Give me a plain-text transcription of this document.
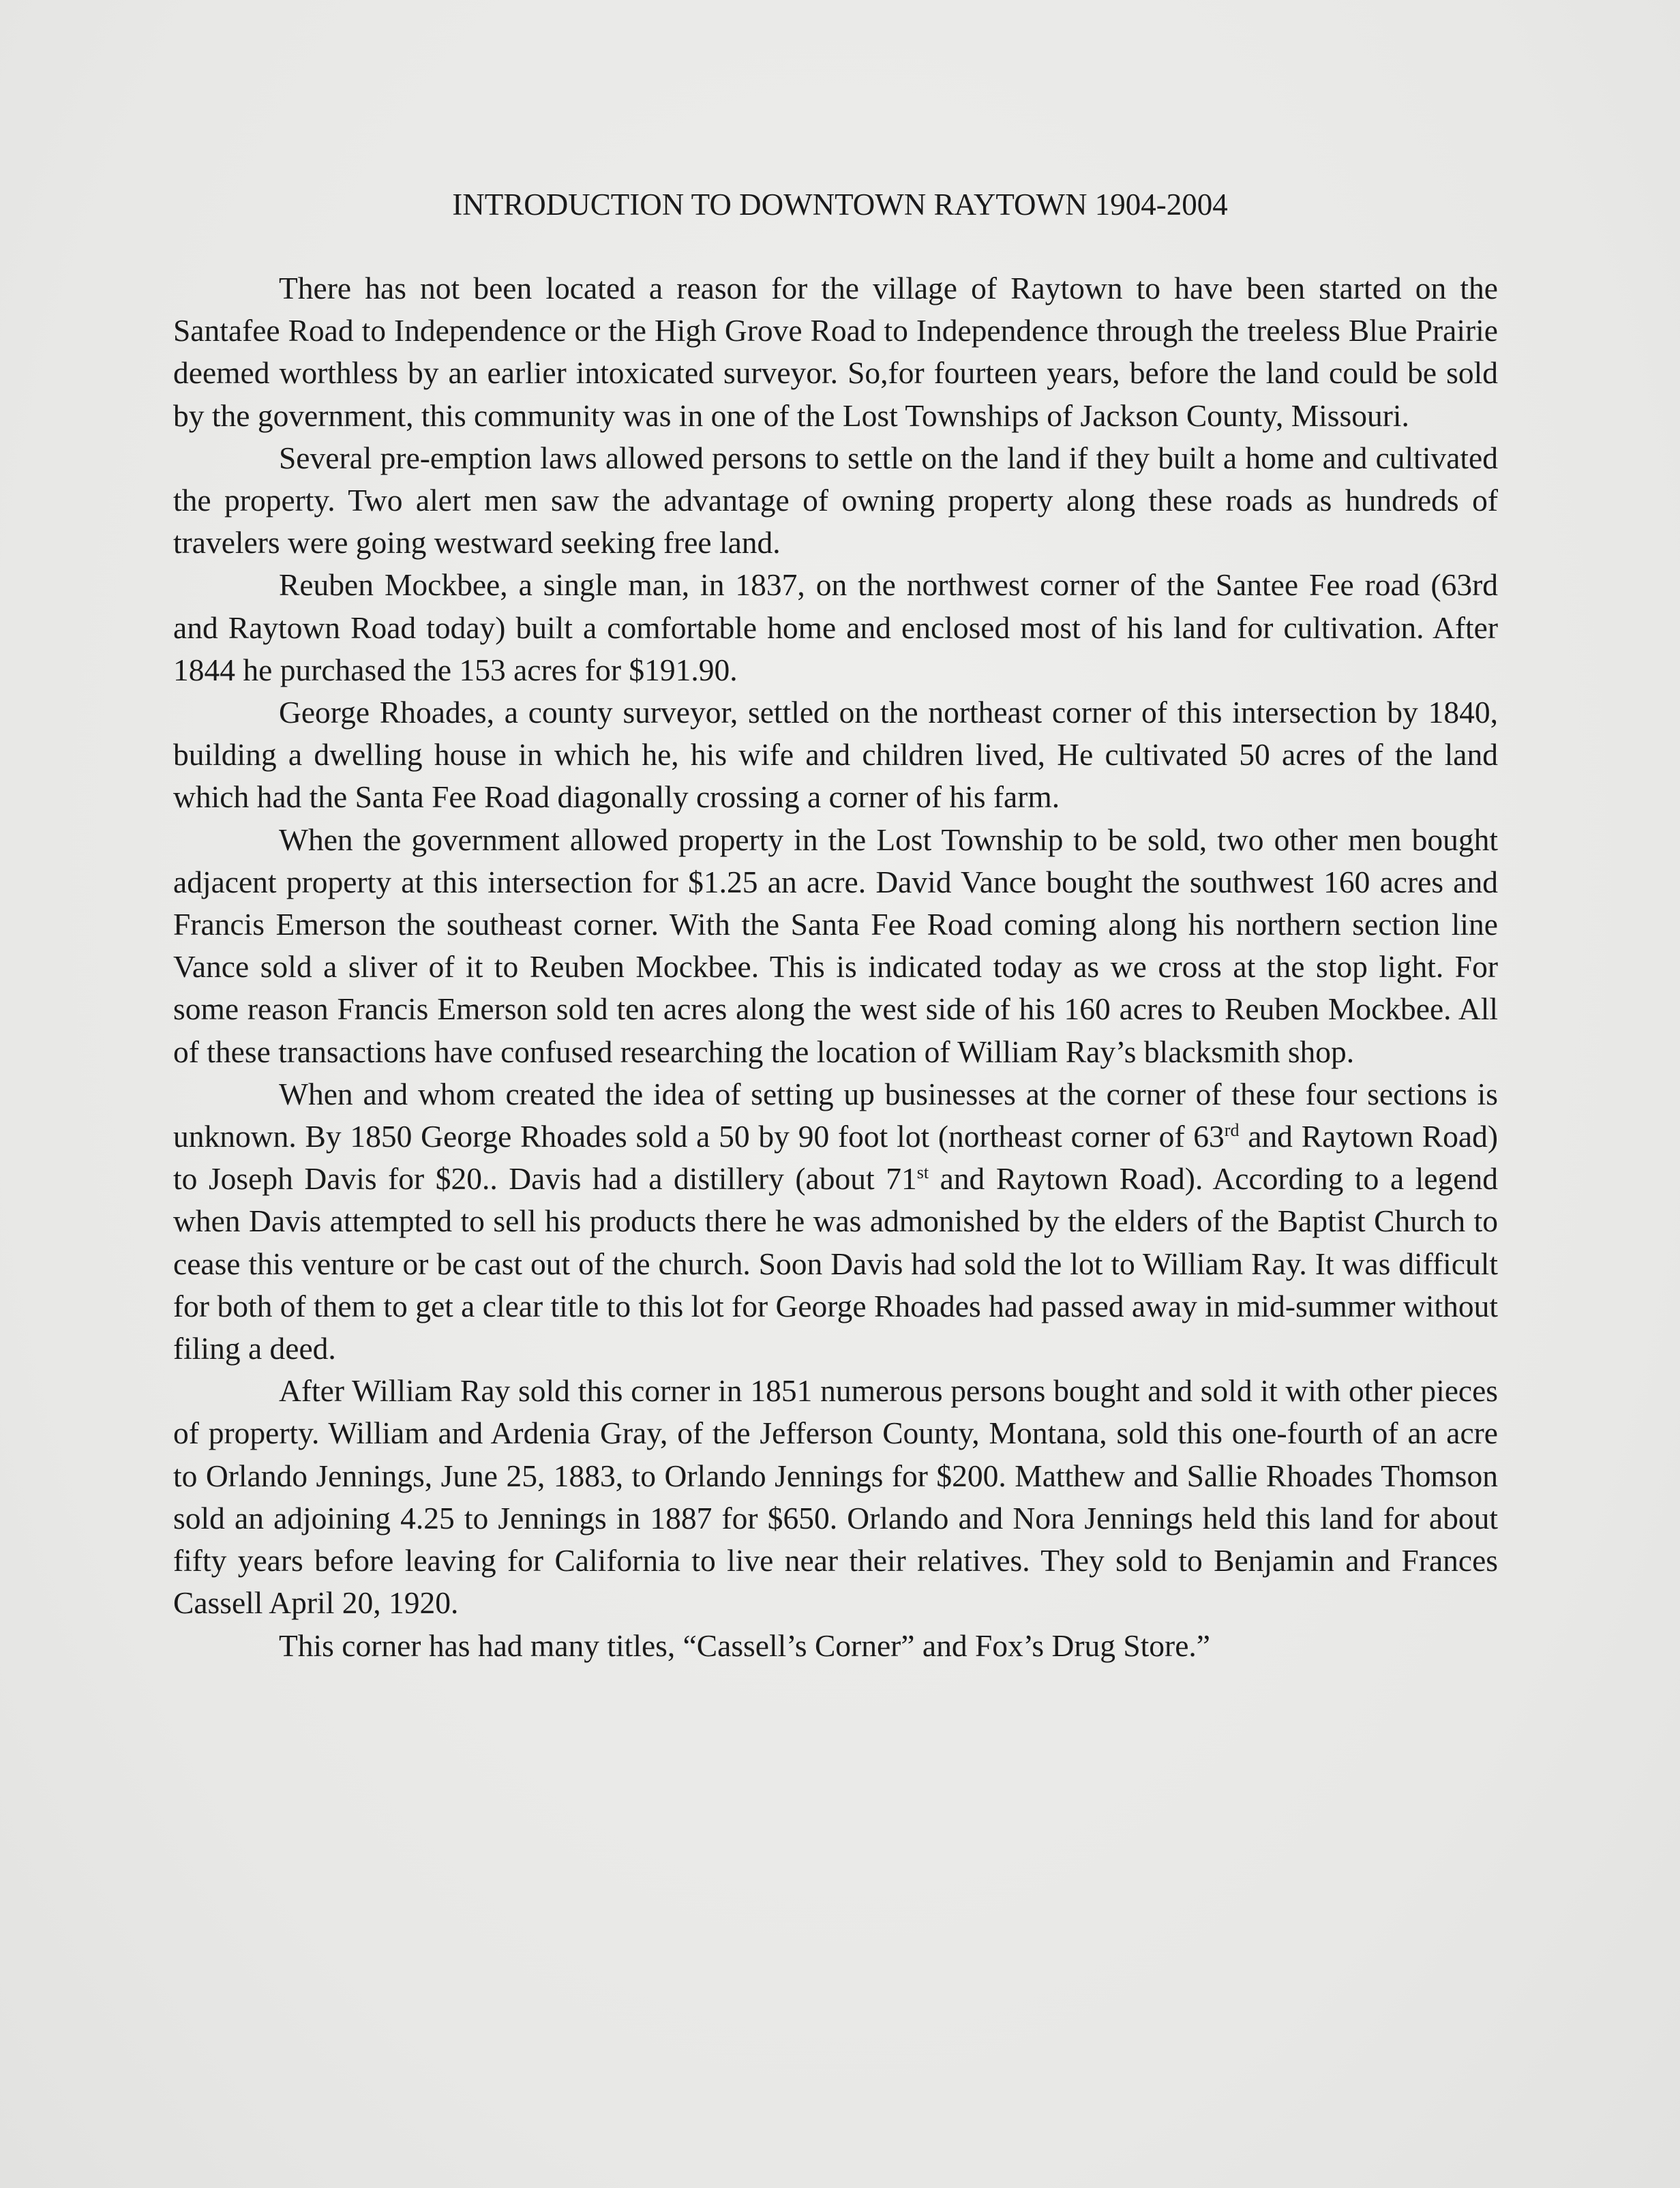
INTRODUCTION TO DOWNTOWN RAYTOWN 1904-2004

There has not been located a reason for the village of Raytown to have been started on the Santafee Road to Independence or the High Grove Road to Independence through the treeless Blue Prairie deemed worthless by an earlier intoxicated surveyor. So,for fourteen years, before the land could be sold by the government, this community was in one of the Lost Townships of Jackson County, Missouri.

Several pre-emption laws allowed persons to settle on the land if they built a home and cultivated the property. Two alert men saw the advantage of owning property along these roads as hundreds of travelers were going westward seeking free land.

Reuben Mockbee, a single man, in 1837, on the northwest corner of the Santee Fee road (63rd and Raytown Road today) built a comfortable home and enclosed most of his land for cultivation. After 1844 he purchased the 153 acres for $191.90.

George Rhoades, a county surveyor, settled on the northeast corner of this intersection by 1840, building a dwelling house in which he, his wife and children lived, He cultivated 50 acres of the land which had the Santa Fee Road diagonally crossing a corner of his farm.

When the government allowed property in the Lost Township to be sold, two other men bought adjacent property at this intersection for $1.25 an acre. David Vance bought the southwest 160 acres and Francis Emerson the southeast corner. With the Santa Fee Road coming along his northern section line Vance sold a sliver of it to Reuben Mockbee. This is indicated today as we cross at the stop light. For some reason Francis Emerson sold ten acres along the west side of his 160 acres to Reuben Mockbee. All of these transactions have confused researching the location of William Ray’s blacksmith shop.

When and whom created the idea of setting up businesses at the corner of these four sections is unknown. By 1850 George Rhoades sold a 50 by 90 foot lot (northeast corner of 63rd and Raytown Road) to Joseph Davis for $20.. Davis had a distillery (about 71st and Raytown Road). According to a legend when Davis attempted to sell his products there he was admonished by the elders of the Baptist Church to cease this venture or be cast out of the church. Soon Davis had sold the lot to William Ray. It was difficult for both of them to get a clear title to this lot for George Rhoades had passed away in mid-summer without filing a deed.

After William Ray sold this corner in 1851 numerous persons bought and sold it with other pieces of property. William and Ardenia Gray, of the Jefferson County, Montana, sold this one-fourth of an acre to Orlando Jennings, June 25, 1883, to Orlando Jennings for $200. Matthew and Sallie Rhoades Thomson sold an adjoining 4.25 to Jennings in 1887 for $650. Orlando and Nora Jennings held this land for about fifty years before leaving for California to live near their relatives. They sold to Benjamin and Frances Cassell April 20, 1920.

This corner has had many titles, “Cassell’s Corner” and Fox’s Drug Store.”
